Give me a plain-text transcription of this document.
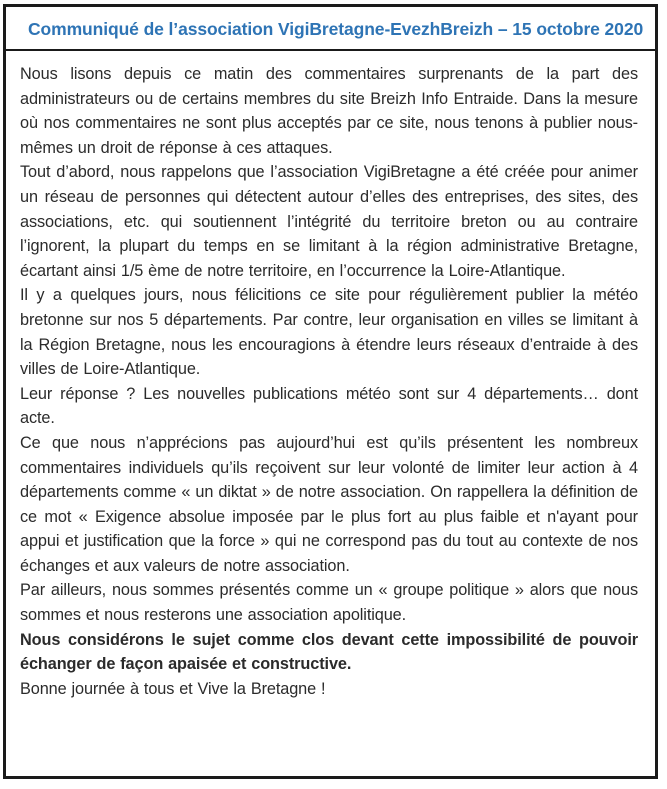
Communiqué de l’association VigiBretagne-EvezhBreizh – 15 octobre 2020

Nous lisons depuis ce matin des commentaires surprenants de la part des administrateurs ou de certains membres du site Breizh Info Entraide. Dans la mesure où nos commentaires ne sont plus acceptés par ce site, nous tenons à publier nous-mêmes un droit de réponse à ces attaques.

Tout d’abord, nous rappelons que l’association VigiBretagne a été créée pour animer un réseau de personnes qui détectent autour d’elles des entreprises, des sites, des associations, etc. qui soutiennent l’intégrité du territoire breton ou au contraire l’ignorent, la plupart du temps en se limitant à la région administrative Bretagne, écartant ainsi 1/5 ème de notre territoire, en l’occurrence la Loire-Atlantique.

Il y a quelques jours, nous félicitions ce site pour régulièrement publier la météo bretonne sur nos 5 départements. Par contre, leur organisation en villes se limitant à la Région Bretagne, nous les encouragions à étendre leurs réseaux d’entraide à des villes de Loire-Atlantique.

Leur réponse ? Les nouvelles publications météo sont sur 4 départements… dont acte.

Ce que nous n’apprécions pas aujourd’hui est qu’ils présentent les nombreux commentaires individuels qu’ils reçoivent sur leur volonté de limiter leur action à 4 départements comme « un diktat » de notre association. On rappellera la définition de ce mot « Exigence absolue imposée par le plus fort au plus faible et n'ayant pour appui et justification que la force » qui ne correspond pas du tout au contexte de nos échanges et aux valeurs de notre association.

Par ailleurs, nous sommes présentés comme un « groupe politique » alors que nous sommes et nous resterons une association apolitique.

Nous considérons le sujet comme clos devant cette impossibilité de pouvoir échanger de façon apaisée et constructive.

Bonne journée à tous et Vive la Bretagne !
